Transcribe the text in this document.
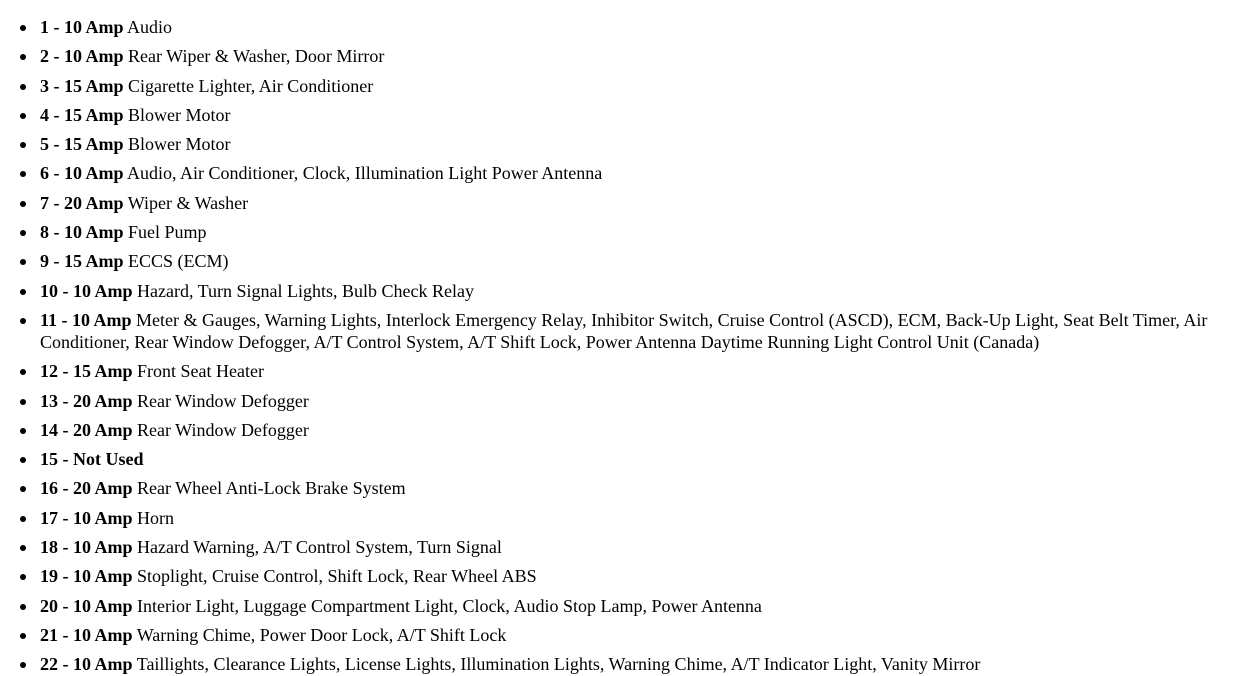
1 - 10 Amp Audio
2 - 10 Amp Rear Wiper & Washer, Door Mirror
3 - 15 Amp Cigarette Lighter, Air Conditioner
4 - 15 Amp Blower Motor
5 - 15 Amp Blower Motor
6 - 10 Amp Audio, Air Conditioner, Clock, Illumination Light Power Antenna
7 - 20 Amp Wiper & Washer
8 - 10 Amp Fuel Pump
9 - 15 Amp ECCS (ECM)
10 - 10 Amp Hazard, Turn Signal Lights, Bulb Check Relay
11 - 10 Amp Meter & Gauges, Warning Lights, Interlock Emergency Relay, Inhibitor Switch, Cruise Control (ASCD), ECM, Back-Up Light, Seat Belt Timer, Air Conditioner, Rear Window Defogger, A/T Control System, A/T Shift Lock, Power Antenna Daytime Running Light Control Unit (Canada)
12 - 15 Amp Front Seat Heater
13 - 20 Amp Rear Window Defogger
14 - 20 Amp Rear Window Defogger
15 - Not Used
16 - 20 Amp Rear Wheel Anti-Lock Brake System
17 - 10 Amp Horn
18 - 10 Amp Hazard Warning, A/T Control System, Turn Signal
19 - 10 Amp Stoplight, Cruise Control, Shift Lock, Rear Wheel ABS
20 - 10 Amp Interior Light, Luggage Compartment Light, Clock, Audio Stop Lamp, Power Antenna
21 - 10 Amp Warning Chime, Power Door Lock, A/T Shift Lock
22 - 10 Amp Taillights, Clearance Lights, License Lights, Illumination Lights, Warning Chime, A/T Indicator Light, Vanity Mirror
